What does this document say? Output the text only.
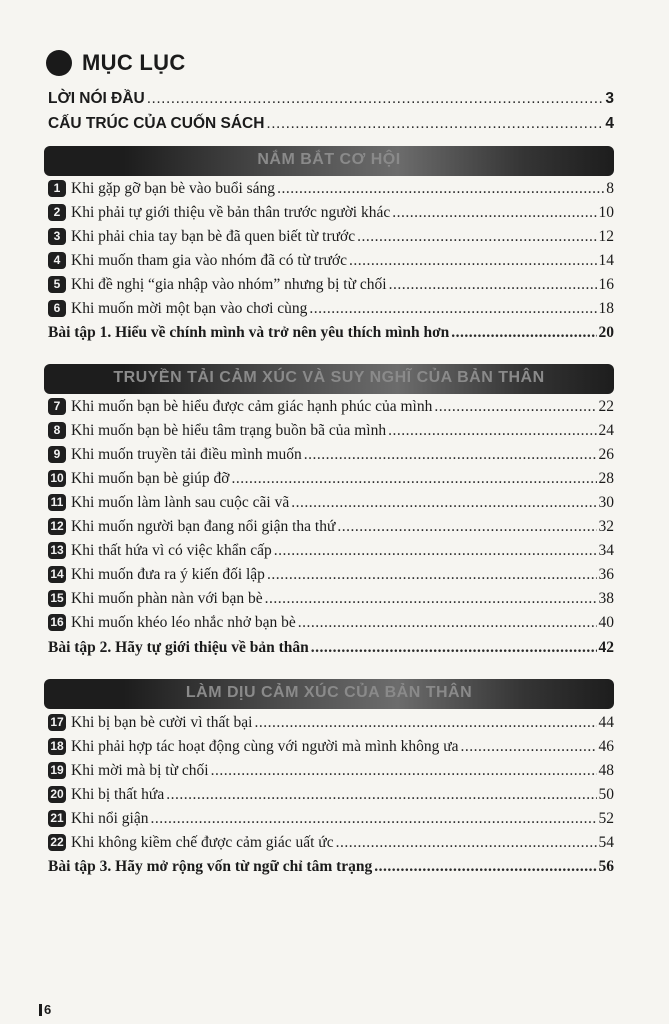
MỤC LỤC
LỜI NÓI ĐẦU .....	3
CẤU TRÚC CỦA CUỐN SÁCH .....	4
NẮM BẮT CƠ HỘI
1 Khi gặp gỡ bạn bè vào buổi sáng .....	8
2 Khi phải tự giới thiệu về bản thân trước người khác .....	10
3 Khi phải chia tay bạn bè đã quen biết từ trước .....	12
4 Khi muốn tham gia vào nhóm đã có từ trước .....	14
5 Khi đề nghị “gia nhập vào nhóm” nhưng bị từ chối .....	16
6 Khi muốn mời một bạn vào chơi cùng .....	18
Bài tập 1. Hiểu về chính mình và trở nên yêu thích mình hơn .....	20
TRUYỀN TẢI CẢM XÚC VÀ SUY NGHĨ CỦA BẢN THÂN
7 Khi muốn bạn bè hiểu được cảm giác hạnh phúc của mình .....	22
8 Khi muốn bạn bè hiểu tâm trạng buồn bã của mình .....	24
9 Khi muốn truyền tải điều mình muốn .....	26
10 Khi muốn bạn bè giúp đỡ .....	28
11 Khi muốn làm lành sau cuộc cãi vã .....	30
12 Khi muốn người bạn đang nổi giận tha thứ .....	32
13 Khi thất hứa vì có việc khẩn cấp .....	34
14 Khi muốn đưa ra ý kiến đối lập .....	36
15 Khi muốn phàn nàn với bạn bè .....	38
16 Khi muốn khéo léo nhắc nhở bạn bè .....	40
Bài tập 2. Hãy tự giới thiệu về bản thân .....	42
LÀM DỊU CẢM XÚC CỦA BẢN THÂN
17 Khi bị bạn bè cười vì thất bại .....	44
18 Khi phải hợp tác hoạt động cùng với người mà mình không ưa .....	46
19 Khi mời mà bị từ chối .....	48
20 Khi bị thất hứa .....	50
21 Khi nổi giận .....	52
22 Khi không kiềm chế được cảm giác uất ức .....	54
Bài tập 3. Hãy mở rộng vốn từ ngữ chỉ tâm trạng .....	56
6
